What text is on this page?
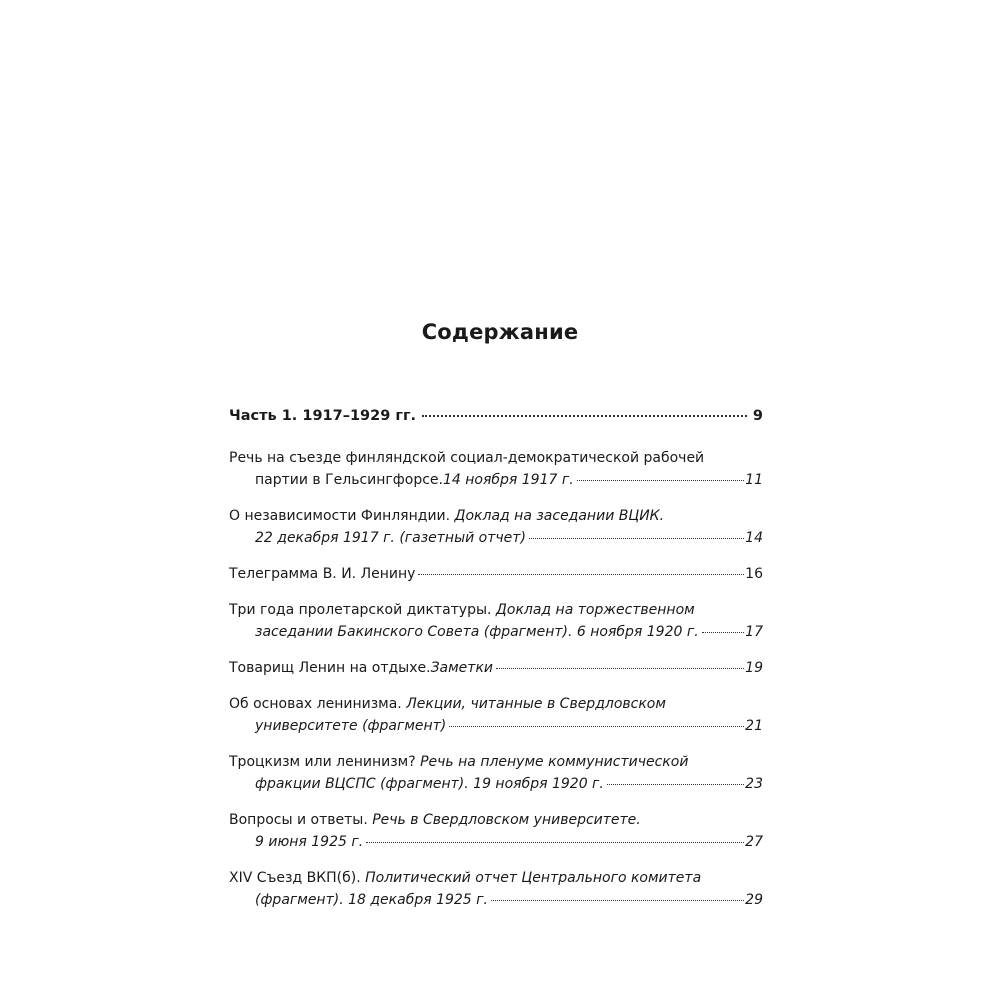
Содержание
Часть 1. 1917–1929 гг.	9
Речь на съезде финляндской социал-демократической рабочей
партии в Гельсингфорсе. 14 ноября 1917 г.	11
О независимости Финляндии. Доклад на заседании ВЦИК.
22 декабря 1917 г. (газетный отчет)	14
Телеграмма В. И. Ленину	16
Три года пролетарской диктатуры. Доклад на торжественном
заседании Бакинского Совета (фрагмент). 6 ноября 1920 г.	17
Товарищ Ленин на отдыхе. Заметки	19
Об основах ленинизма. Лекции, читанные в Свердловском
университете (фрагмент)	21
Троцкизм или ленинизм? Речь на пленуме коммунистической
фракции ВЦСПС (фрагмент). 19 ноября 1920 г.	23
Вопросы и ответы. Речь в Свердловском университете.
9 июня 1925 г.	27
XIV Съезд ВКП(б). Политический отчет Центрального комитета
(фрагмент). 18 декабря 1925 г.	29
